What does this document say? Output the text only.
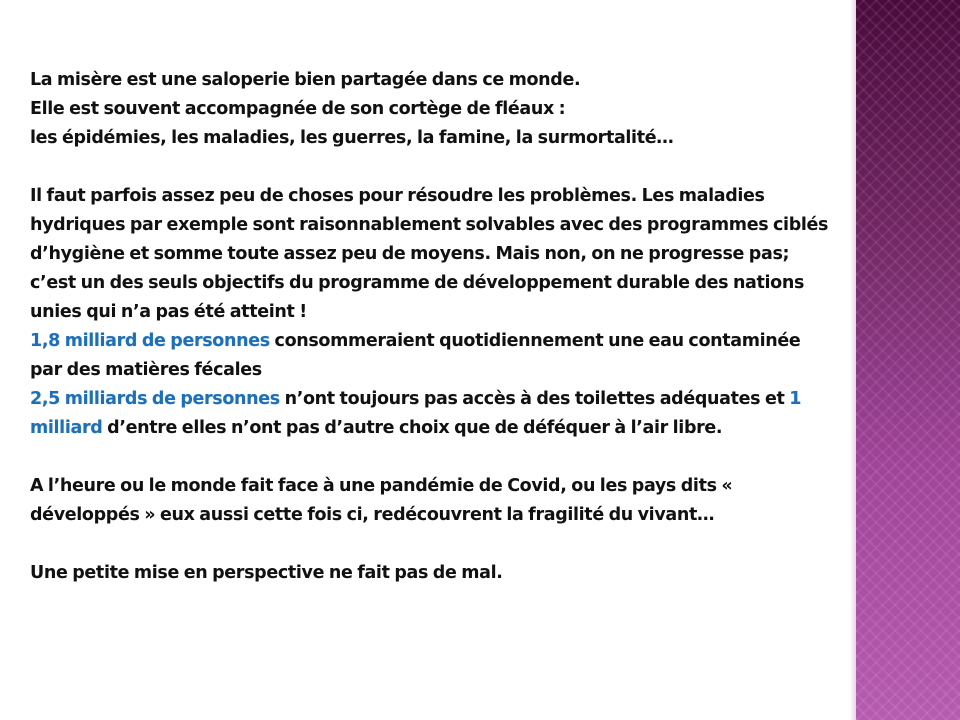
La misère est une saloperie bien partagée dans ce monde.

Elle est souvent accompagnée de son cortège de fléaux :

les épidémies, les maladies, les guerres, la famine, la surmortalité…

Il faut parfois assez peu de choses pour résoudre les problèmes. Les maladies hydriques par exemple sont raisonnablement solvables avec des programmes ciblés d’hygiène et somme toute assez peu de moyens. Mais non, on ne progresse pas; c’est un des seuls objectifs du programme de développement durable des nations unies qui n’a pas été atteint !

1,8 milliard de personnes consommeraient quotidiennement une eau contaminée par des matières fécales

2,5 milliards de personnes n’ont toujours pas accès à des toilettes adéquates et 1 milliard d’entre elles n’ont pas d’autre choix que de déféquer à l’air libre.

A l’heure ou le monde fait face à une pandémie de Covid, ou les pays dits « développés » eux aussi cette fois ci, redécouvrent la fragilité du vivant…

Une petite mise en perspective ne fait pas de mal.
